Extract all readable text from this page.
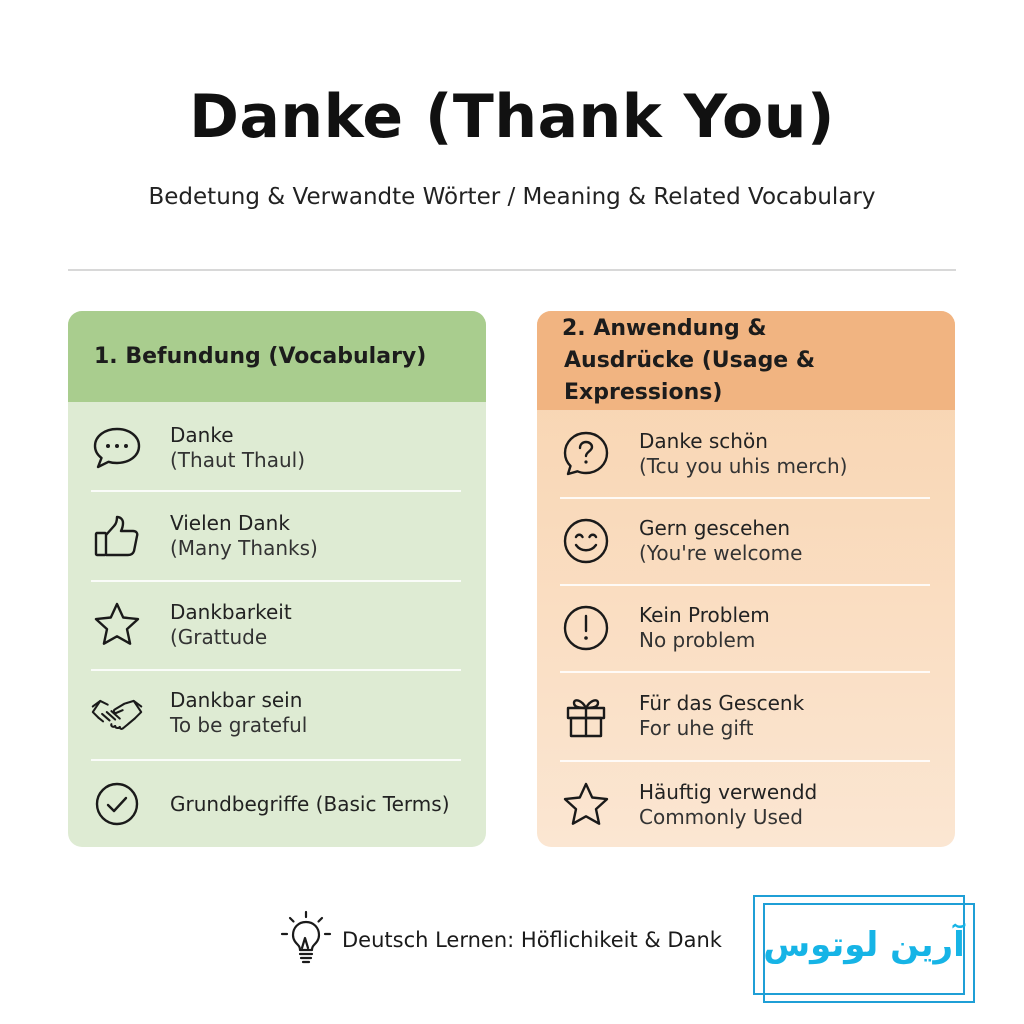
Danke (Thank You)
Bedetung & Verwandte Wörter / Meaning & Related Vocabulary
1. Befundung (Vocabulary)
Danke
(Thaut Thaul)
Vielen Dank
(Many Thanks)
Dankbarkeit
(Grattude
Dankbar sein
To be grateful
Grundbegriffe (Basic Terms)
2. Anwendung &
Ausdrücke (Usage & Expressions)
Danke schön
(Tcu you uhis merch)
Gern gescehen
(You're welcome
Kein Problem
No problem
Für das Gescenk
For uhe gift
Häuftig verwendd
Commonly Used
Deutsch Lernen: Höflichikeit & Dank	آرین لوتوس
